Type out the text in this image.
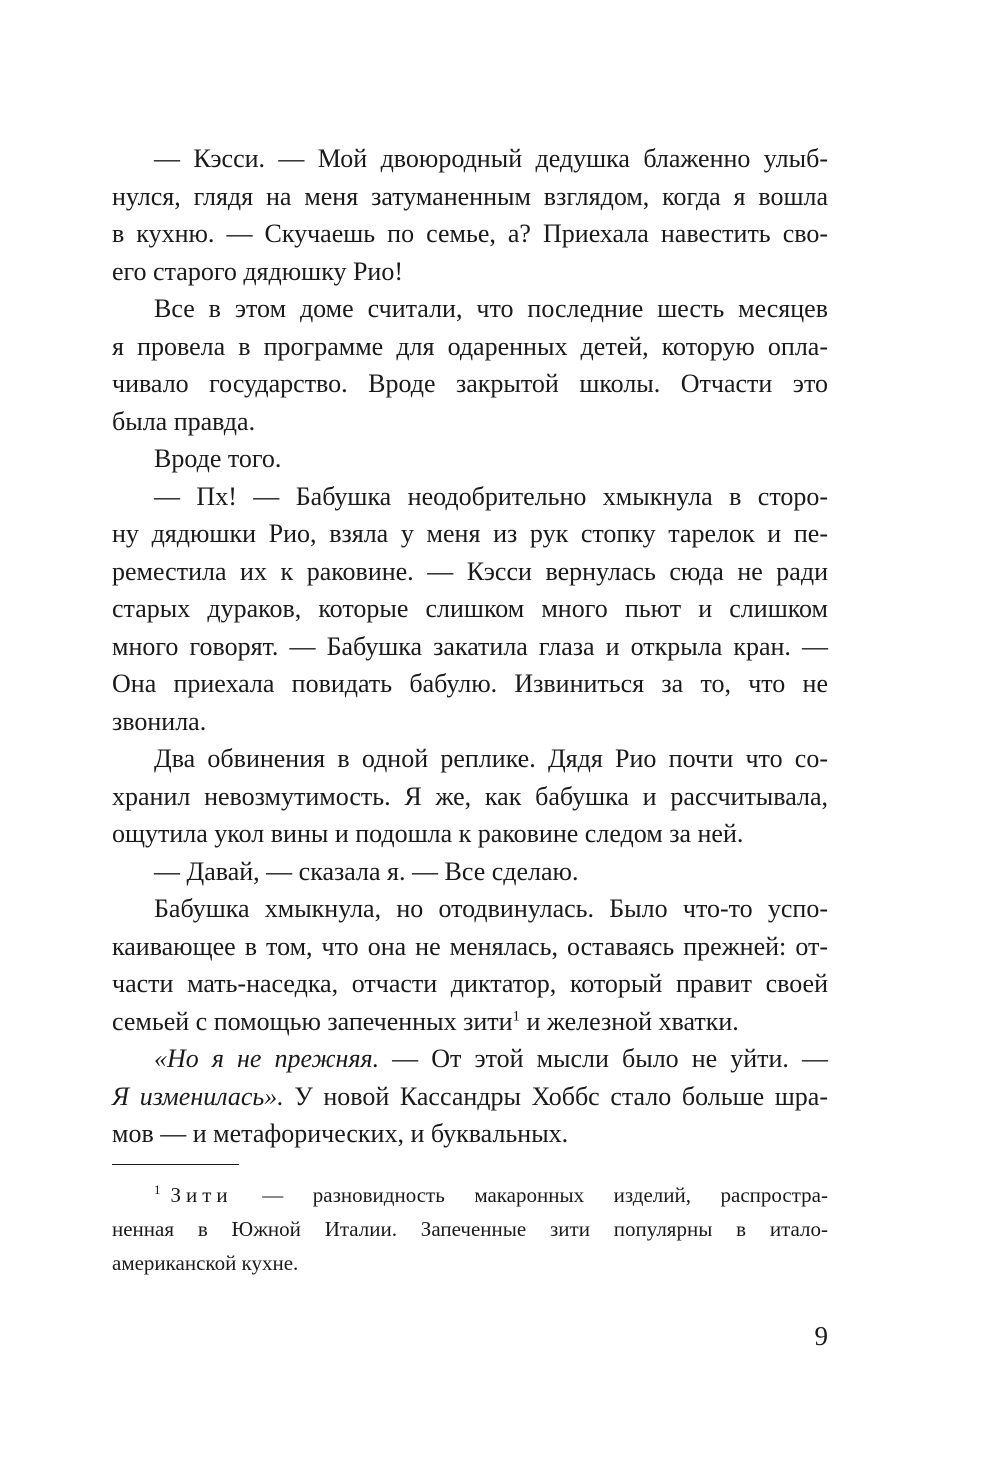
— Кэсси. — Мой двоюродный дедушка блаженно улыб-
нулся, глядя на меня затуманенным взглядом, когда я вошла
в кухню. — Скучаешь по семье, а? Приехала навестить сво-
его старого дядюшку Рио!
Все в этом доме считали, что последние шесть месяцев
я провела в программе для одаренных детей, которую опла-
чивало государство. Вроде закрытой школы. Отчасти это
была правда.
Вроде того.
— Пх! — Бабушка неодобрительно хмыкнула в сторо-
ну дядюшки Рио, взяла у меня из рук стопку тарелок и пе-
реместила их к раковине. — Кэсси вернулась сюда не ради
старых дураков, которые слишком много пьют и слишком
много говорят. — Бабушка закатила глаза и открыла кран. —
Она приехала повидать бабулю. Извиниться за то, что не
звонила.
Два обвинения в одной реплике. Дядя Рио почти что со-
хранил невозмутимость. Я же, как бабушка и рассчитывала,
ощутила укол вины и подошла к раковине следом за ней.
— Давай, — сказала я. — Все сделаю.
Бабушка хмыкнула, но отодвинулась. Было что-то успо-
каивающее в том, что она не менялась, оставаясь прежней: от-
части мать-наседка, отчасти диктатор, который правит своей
семьей с помощью запеченных зити$^1$ и железной хватки.
«Но я не прежняя. — От этой мысли было не уйти. —
Я изменилась». У новой Кассандры Хоббс стало больше шра-
мов — и метафорических, и буквальных.
$^1$ Зити — разновидность макаронных изделий, распростра-
ненная в Южной Италии. Запеченные зити популярны в итало-
американской кухне.
9
